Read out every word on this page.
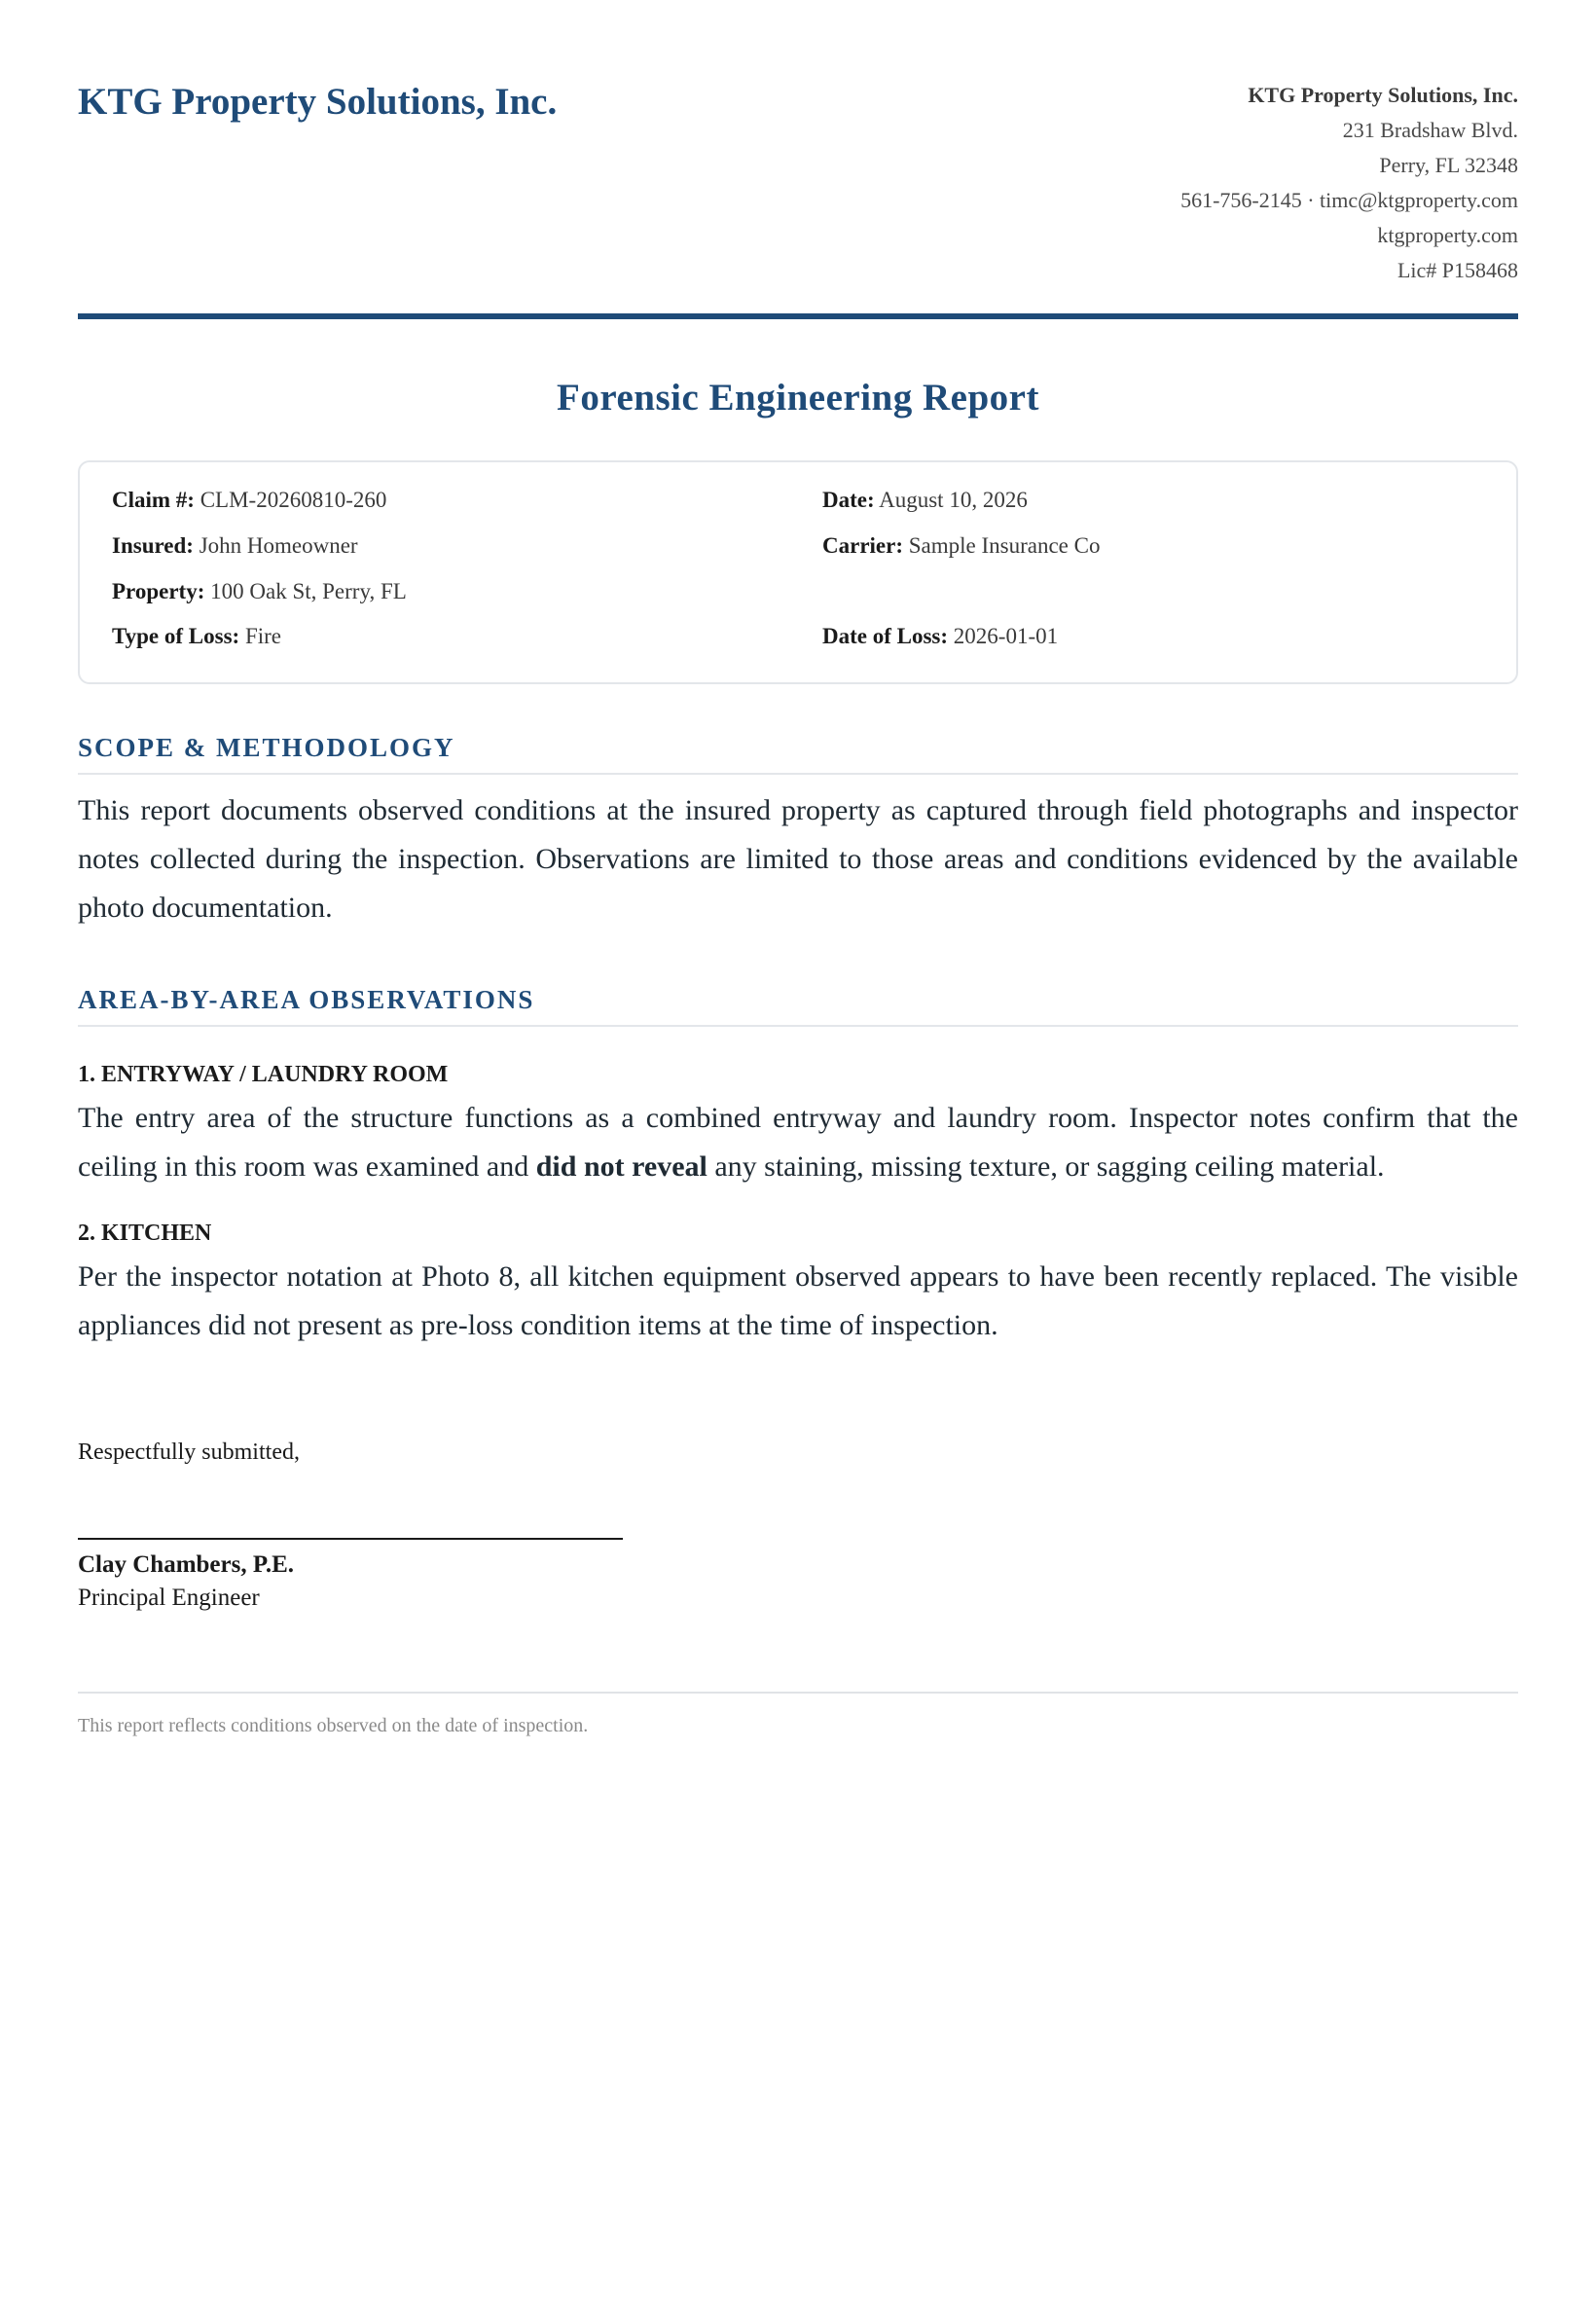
KTG Property Solutions, Inc.	KTG Property Solutions, Inc.
231 Bradshaw Blvd.
Perry, FL 32348
561-756-2145 · timc@ktgproperty.com
ktgproperty.com
Lic# P158468
Forensic Engineering Report
Claim #: CLM-20260810-260	Date: August 10, 2026
Insured: John Homeowner	Carrier: Sample Insurance Co
Property: 100 Oak St, Perry, FL
Type of Loss: Fire	Date of Loss: 2026-01-01
SCOPE & METHODOLOGY
This report documents observed conditions at the insured property as captured through field photographs and inspector notes collected during the inspection. Observations are limited to those areas and conditions evidenced by the available photo documentation.
AREA-BY-AREA OBSERVATIONS
1. ENTRYWAY / LAUNDRY ROOM
The entry area of the structure functions as a combined entryway and laundry room. Inspector notes confirm that the ceiling in this room was examined and did not reveal any staining, missing texture, or sagging ceiling material.
2. KITCHEN
Per the inspector notation at Photo 8, all kitchen equipment observed appears to have been recently replaced. The visible appliances did not present as pre-loss condition items at the time of inspection.
Respectfully submitted,
Clay Chambers, P.E.
Principal Engineer
This report reflects conditions observed on the date of inspection.
